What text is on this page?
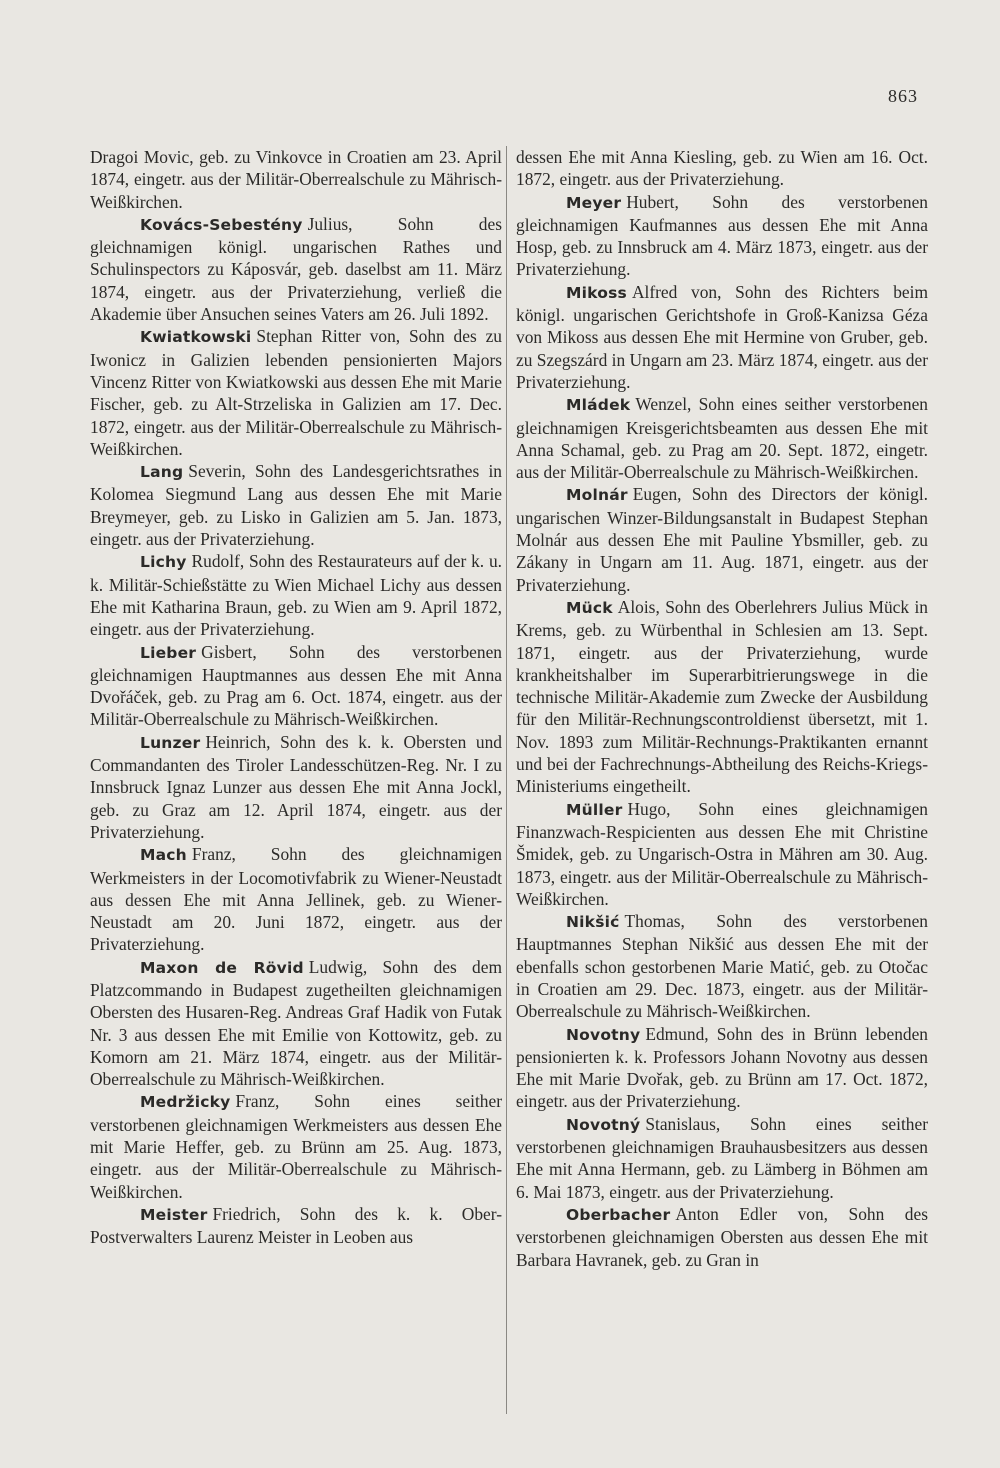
863

Dragoi Movic, geb. zu Vinkovce in Croatien am 23. April 1874, eingetr. aus der Militär-Oberrealschule zu Mährisch-Weißkirchen.

Kovács-Sebestény Julius, Sohn des gleichnamigen königl. ungarischen Rathes und Schulinspectors zu Káposvár, geb. daselbst am 11. März 1874, eingetr. aus der Privaterziehung, verließ die Akademie über Ansuchen seines Vaters am 26. Juli 1892.

Kwiatkowski Stephan Ritter von, Sohn des zu Iwonicz in Galizien lebenden pensionierten Majors Vincenz Ritter von Kwiatkowski aus dessen Ehe mit Marie Fischer, geb. zu Alt-Strzeliska in Galizien am 17. Dec. 1872, eingetr. aus der Militär-Oberrealschule zu Mährisch-Weißkirchen.

Lang Severin, Sohn des Landesgerichtsrathes in Kolomea Siegmund Lang aus dessen Ehe mit Marie Breymeyer, geb. zu Lisko in Galizien am 5. Jan. 1873, eingetr. aus der Privaterziehung.

Lichy Rudolf, Sohn des Restaurateurs auf der k. u. k. Militär-Schießstätte zu Wien Michael Lichy aus dessen Ehe mit Katharina Braun, geb. zu Wien am 9. April 1872, eingetr. aus der Privaterziehung.

Lieber Gisbert, Sohn des verstorbenen gleichnamigen Hauptmannes aus dessen Ehe mit Anna Dvořáček, geb. zu Prag am 6. Oct. 1874, eingetr. aus der Militär-Oberrealschule zu Mährisch-Weißkirchen.

Lunzer Heinrich, Sohn des k. k. Obersten und Commandanten des Tiroler Landesschützen-Reg. Nr. I zu Innsbruck Ignaz Lunzer aus dessen Ehe mit Anna Jockl, geb. zu Graz am 12. April 1874, eingetr. aus der Privaterziehung.

Mach Franz, Sohn des gleichnamigen Werkmeisters in der Locomotivfabrik zu Wiener-Neustadt aus dessen Ehe mit Anna Jellinek, geb. zu Wiener-Neustadt am 20. Juni 1872, eingetr. aus der Privaterziehung.

Maxon de Rövid Ludwig, Sohn des dem Platzcommando in Budapest zugetheilten gleichnamigen Obersten des Husaren-Reg. Andreas Graf Hadik von Futak Nr. 3 aus dessen Ehe mit Emilie von Kottowitz, geb. zu Komorn am 21. März 1874, eingetr. aus der Militär-Oberrealschule zu Mährisch-Weißkirchen.

Medržicky Franz, Sohn eines seither verstorbenen gleichnamigen Werkmeisters aus dessen Ehe mit Marie Heffer, geb. zu Brünn am 25. Aug. 1873, eingetr. aus der Militär-Oberrealschule zu Mährisch-Weißkirchen.

Meister Friedrich, Sohn des k. k. Ober-Postverwalters Laurenz Meister in Leoben aus

dessen Ehe mit Anna Kiesling, geb. zu Wien am 16. Oct. 1872, eingetr. aus der Privaterziehung.

Meyer Hubert, Sohn des verstorbenen gleichnamigen Kaufmannes aus dessen Ehe mit Anna Hosp, geb. zu Innsbruck am 4. März 1873, eingetr. aus der Privaterziehung.

Mikoss Alfred von, Sohn des Richters beim königl. ungarischen Gerichtshofe in Groß-Kanizsa Géza von Mikoss aus dessen Ehe mit Hermine von Gruber, geb. zu Szegszárd in Ungarn am 23. März 1874, eingetr. aus der Privaterziehung.

Mládek Wenzel, Sohn eines seither verstorbenen gleichnamigen Kreisgerichtsbeamten aus dessen Ehe mit Anna Schamal, geb. zu Prag am 20. Sept. 1872, eingetr. aus der Militär-Oberrealschule zu Mährisch-Weißkirchen.

Molnár Eugen, Sohn des Directors der königl. ungarischen Winzer-Bildungsanstalt in Budapest Stephan Molnár aus dessen Ehe mit Pauline Ybsmiller, geb. zu Zákany in Ungarn am 11. Aug. 1871, eingetr. aus der Privaterziehung.

Mück Alois, Sohn des Oberlehrers Julius Mück in Krems, geb. zu Würbenthal in Schlesien am 13. Sept. 1871, eingetr. aus der Privaterziehung, wurde krankheitshalber im Superarbitrierungswege in die technische Militär-Akademie zum Zwecke der Ausbildung für den Militär-Rechnungscontroldienst übersetzt, mit 1. Nov. 1893 zum Militär-Rechnungs-Praktikanten ernannt und bei der Fachrechnungs-Abtheilung des Reichs-Kriegs-Ministeriums eingetheilt.

Müller Hugo, Sohn eines gleichnamigen Finanzwach-Respicienten aus dessen Ehe mit Christine Šmidek, geb. zu Ungarisch-Ostra in Mähren am 30. Aug. 1873, eingetr. aus der Militär-Oberrealschule zu Mährisch-Weißkirchen.

Nikšić Thomas, Sohn des verstorbenen Hauptmannes Stephan Nikšić aus dessen Ehe mit der ebenfalls schon gestorbenen Marie Matić, geb. zu Otočac in Croatien am 29. Dec. 1873, eingetr. aus der Militär-Oberrealschule zu Mährisch-Weißkirchen.

Novotny Edmund, Sohn des in Brünn lebenden pensionierten k. k. Professors Johann Novotny aus dessen Ehe mit Marie Dvořak, geb. zu Brünn am 17. Oct. 1872, eingetr. aus der Privaterziehung.

Novotný Stanislaus, Sohn eines seither verstorbenen gleichnamigen Brauhausbesitzers aus dessen Ehe mit Anna Hermann, geb. zu Lämberg in Böhmen am 6. Mai 1873, eingetr. aus der Privaterziehung.

Oberbacher Anton Edler von, Sohn des verstorbenen gleichnamigen Obersten aus dessen Ehe mit Barbara Havranek, geb. zu Gran in
